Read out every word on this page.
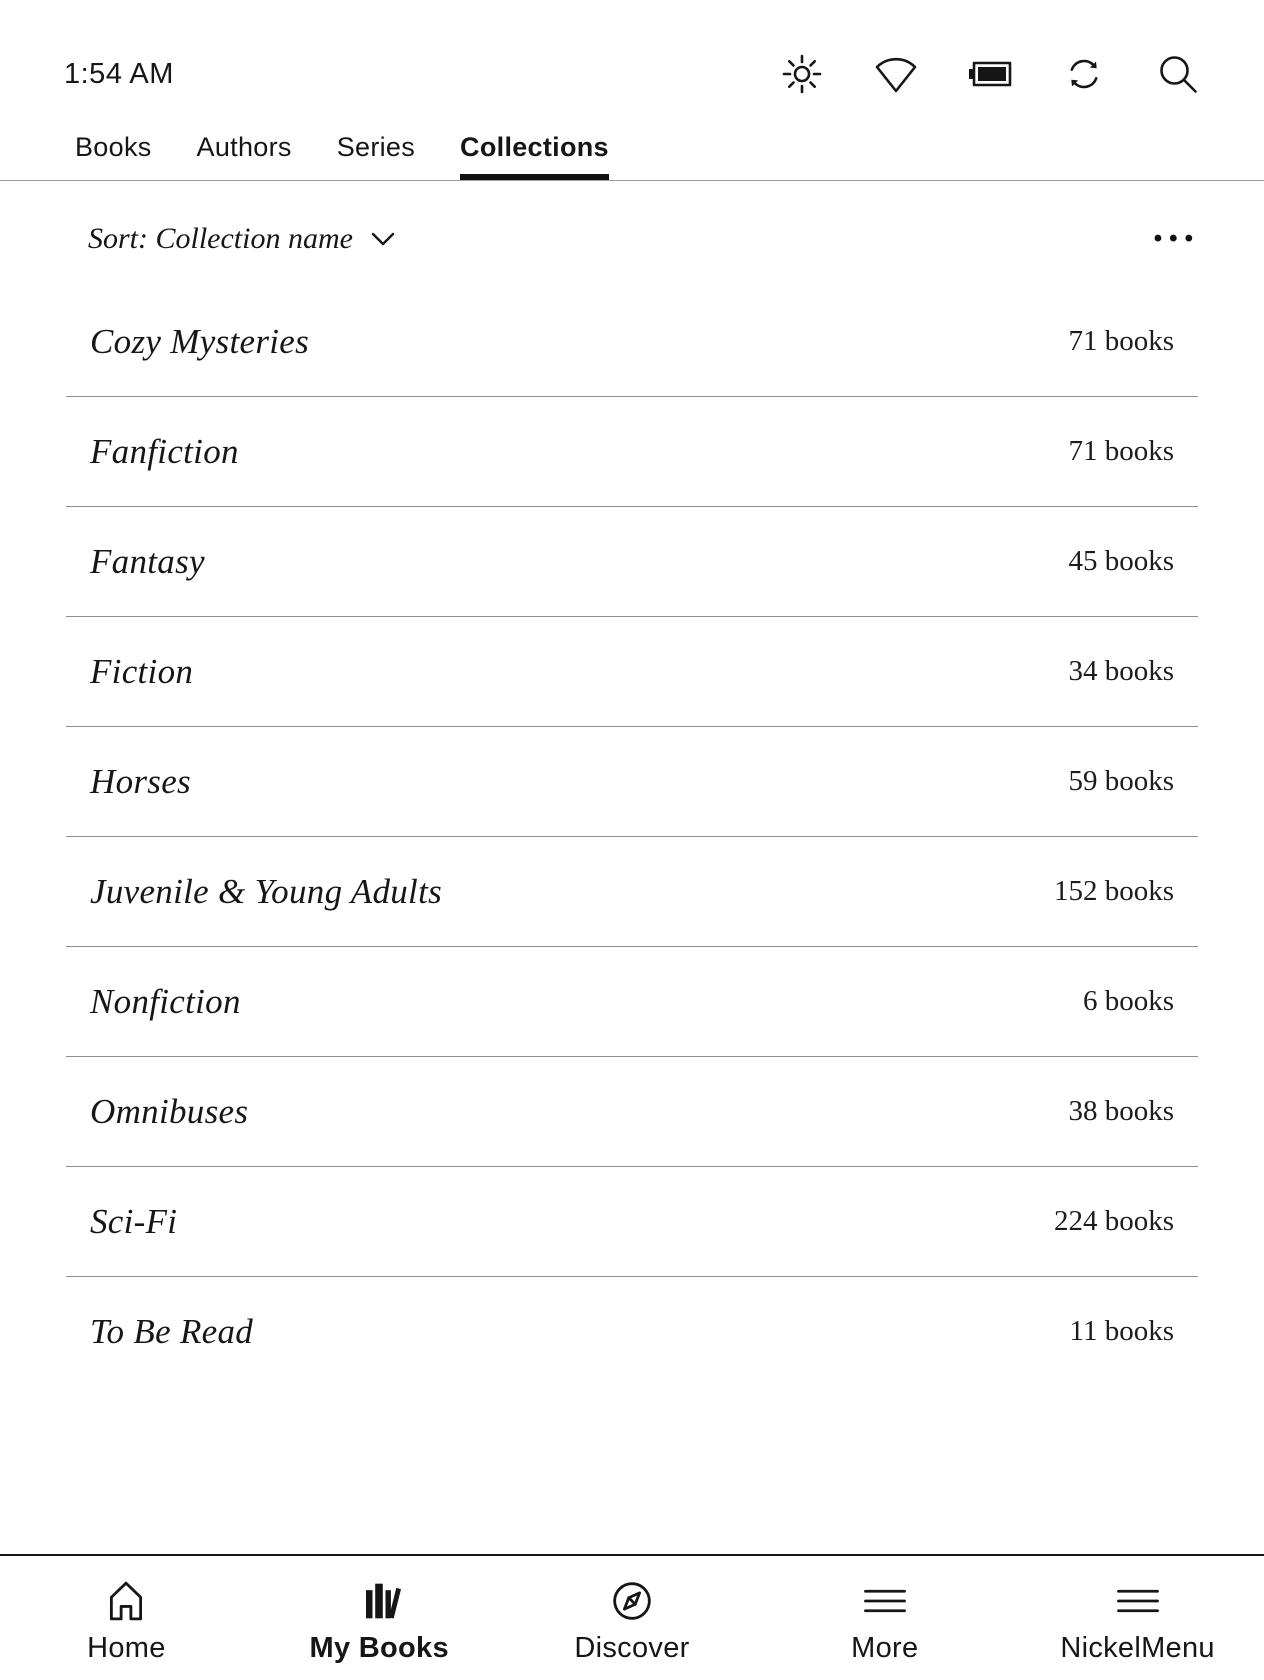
1:54 AM
Books Authors Series Collections
Sort: Collection name	•••
Cozy Mysteries	71 books
Fanfiction	71 books
Fantasy	45 books
Fiction	34 books
Horses	59 books
Juvenile & Young Adults	152 books
Nonfiction	6 books
Omnibuses	38 books
Sci-Fi	224 books
To Be Read	11 books
Home	My Books	Discover	More	NickelMenu
